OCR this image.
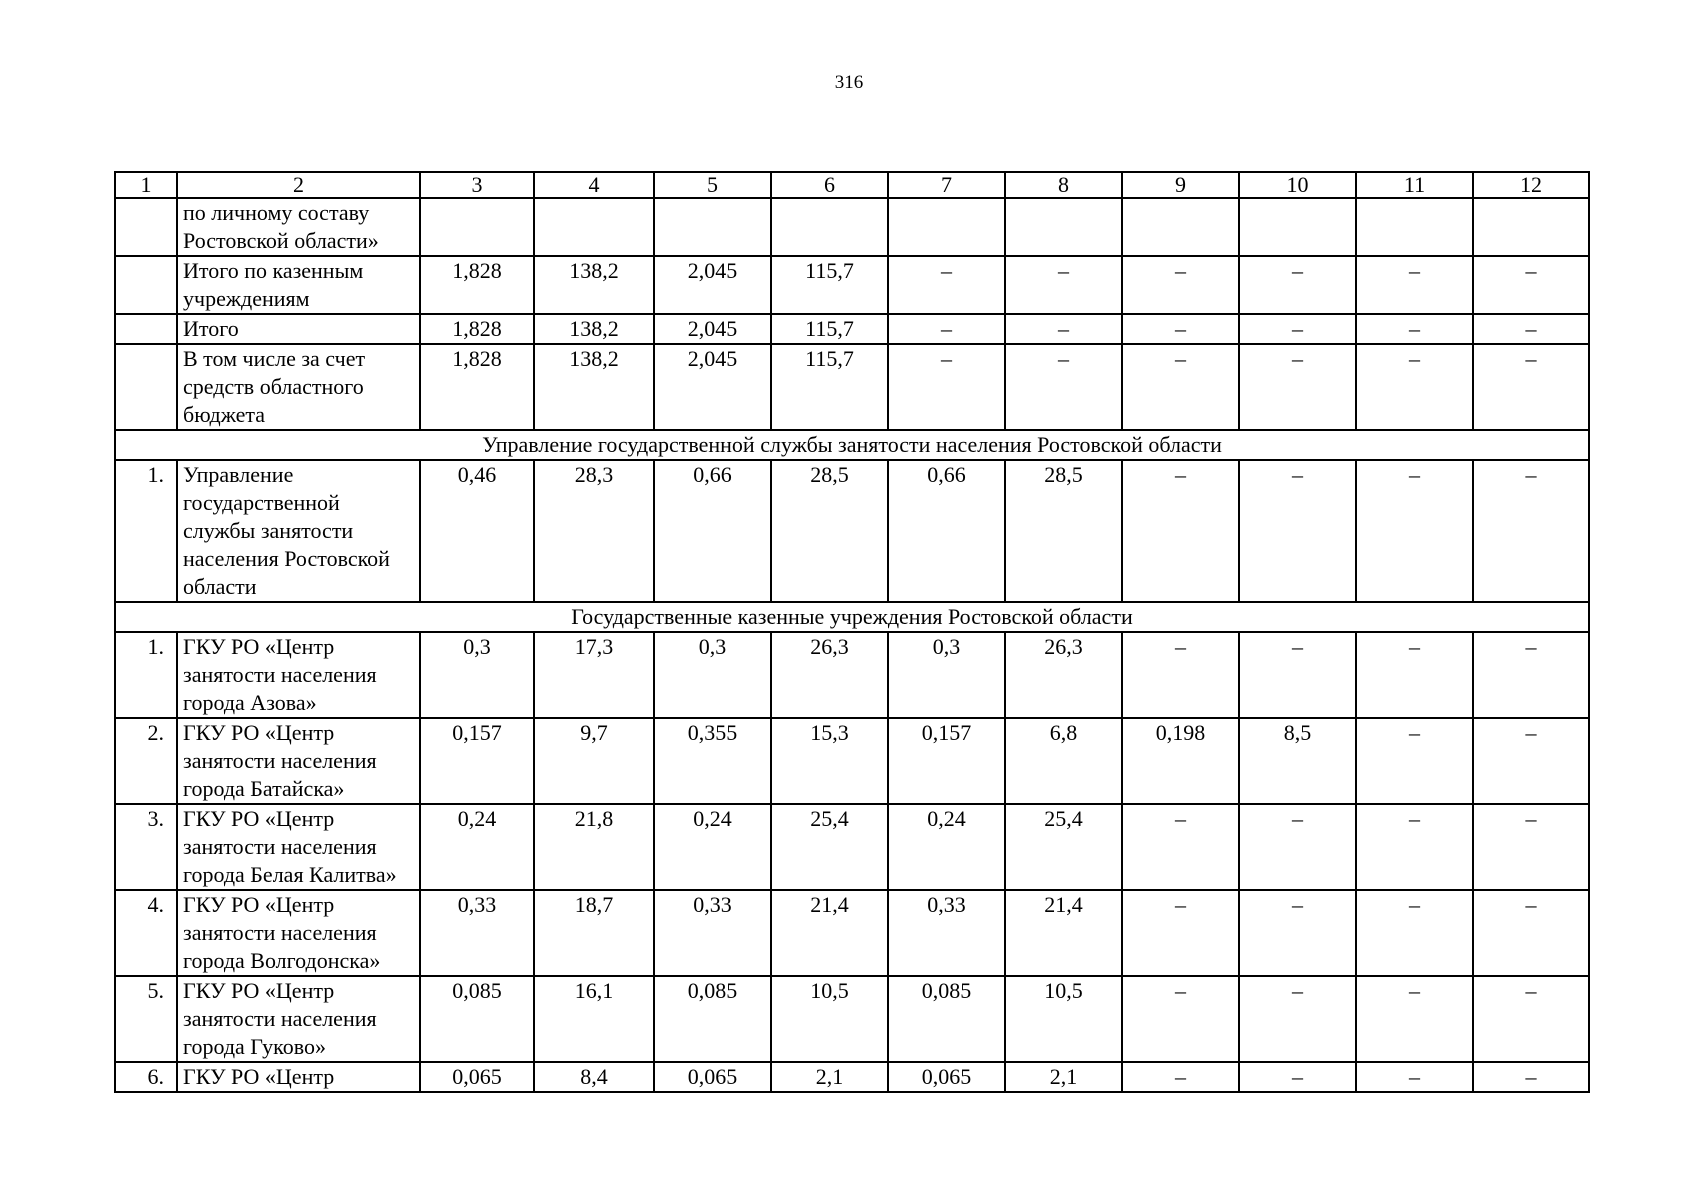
316
1	2	3	4	5	6	7	8	9	10	11	12
	по личному составу Ростовской области»										
	Итого по казенным учреждениям	1,828	138,2	2,045	115,7	–	–	–	–	–	–
	Итого	1,828	138,2	2,045	115,7	–	–	–	–	–	–
	В том числе за счет средств областного бюджета	1,828	138,2	2,045	115,7	–	–	–	–	–	–
Управление государственной службы занятости населения Ростовской области											
1.	Управление государственной службы занятости населения Ростовской области	0,46	28,3	0,66	28,5	0,66	28,5	–	–	–	–
Государственные казенные учреждения Ростовской области											
1.	ГКУ РО «Центр занятости населения города Азова»	0,3	17,3	0,3	26,3	0,3	26,3	–	–	–	–
2.	ГКУ РО «Центр занятости населения города Батайска»	0,157	9,7	0,355	15,3	0,157	6,8	0,198	8,5	–	–
3.	ГКУ РО «Центр занятости населения города Белая Калитва»	0,24	21,8	0,24	25,4	0,24	25,4	–	–	–	–
4.	ГКУ РО «Центр занятости населения города Волгодонска»	0,33	18,7	0,33	21,4	0,33	21,4	–	–	–	–
5.	ГКУ РО «Центр занятости населения города Гуково»	0,085	16,1	0,085	10,5	0,085	10,5	–	–	–	–
6.	ГКУ РО «Центр	0,065	8,4	0,065	2,1	0,065	2,1	–	–	–	–
